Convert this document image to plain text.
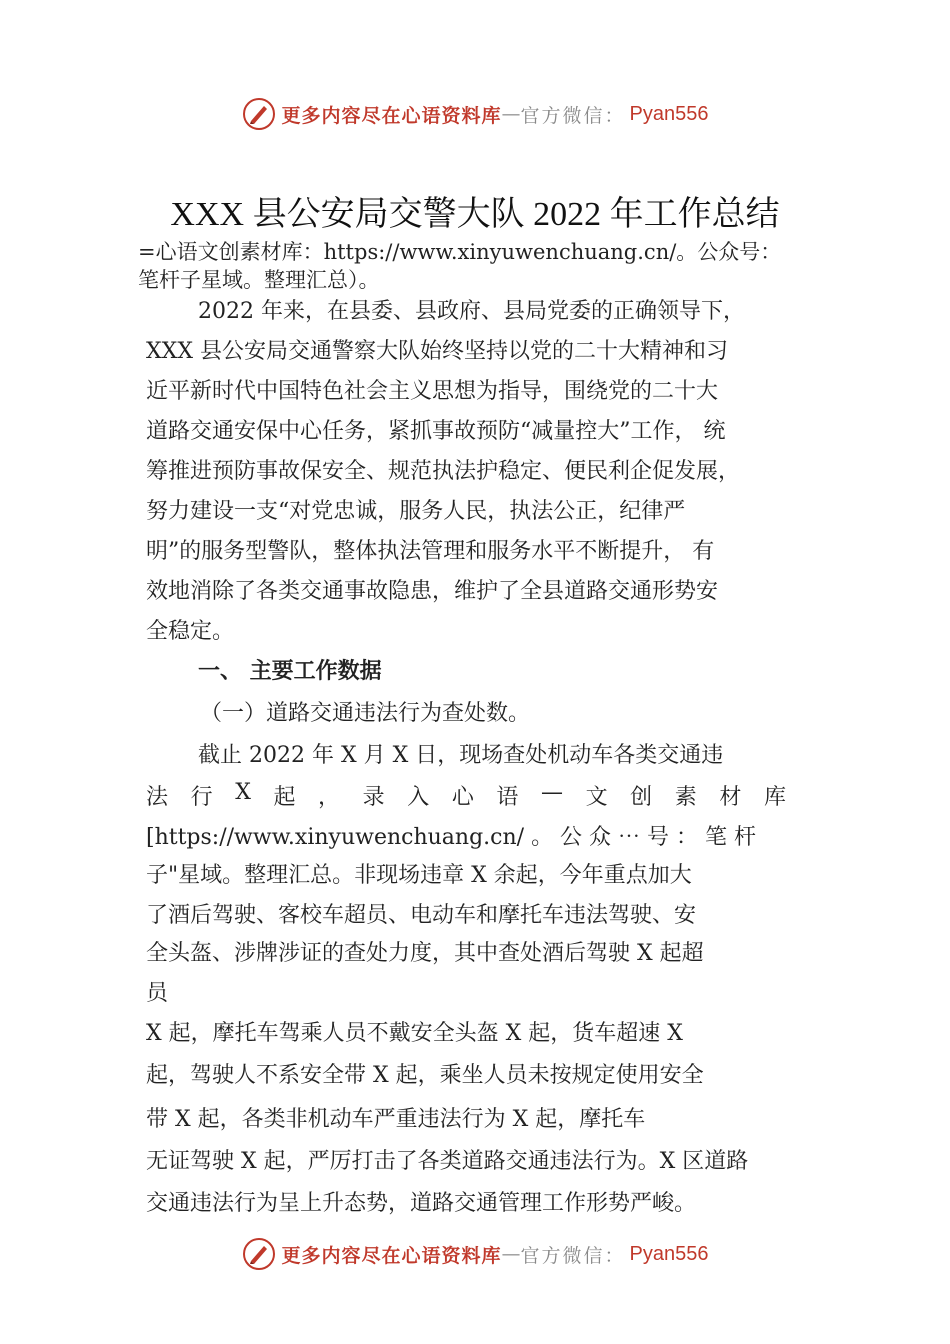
更多内容尽在心语资料库 — 官方微信： Pyan556
XXX 县公安局交警大队 2022 年工作总结
=心语文创素材库：https://www.xinyuwenchuang.cn/。公众号：
笔杆子星域。整理汇总）。
2022 年来，在县委、县政府、县局党委的正确领导下，
XXX 县公安局交通警察大队始终坚持以党的二十大精神和习
近平新时代中国特色社会主义思想为指导，围绕党的二十大
道路交通安保中心任务，紧抓事故预防“减量控大”工作， 统
筹推进预防事故保安全、规范执法护稳定、便民利企促发展，
努力建设一支“对党忠诚，服务人民，执法公正，纪律严
明”的服务型警队，整体执法管理和服务水平不断提升， 有
效地消除了各类交通事故隐患，维护了全县道路交通形势安
全稳定。
一、 主要工作数据
（一）道路交通违法行为查处数。
截止 2022 年 X 月 X 日，现场查处机动车各类交通违
法 行 X 起 ， 录 入 心 语 — 文 创 素 材 库
[https://www.xinyuwenchuang.cn/ 。 公 众 ⋯ 号 ： 笔 杆
子"星域。整理汇总。非现场违章 X 余起，今年重点加大
了酒后驾驶、客校车超员、电动车和摩托车违法驾驶、安
全头盔、涉牌涉证的查处力度，其中查处酒后驾驶 X 起超
员
X 起，摩托车驾乘人员不戴安全头盔 X 起，货车超速 X
起，驾驶人不系安全带 X 起，乘坐人员未按规定使用安全
带 X 起，各类非机动车严重违法行为 X 起，摩托车
无证驾驶 X 起，严厉打击了各类道路交通违法行为。X 区道路
交通违法行为呈上升态势，道路交通管理工作形势严峻。
更多内容尽在心语资料库 — 官方微信： Pyan556
